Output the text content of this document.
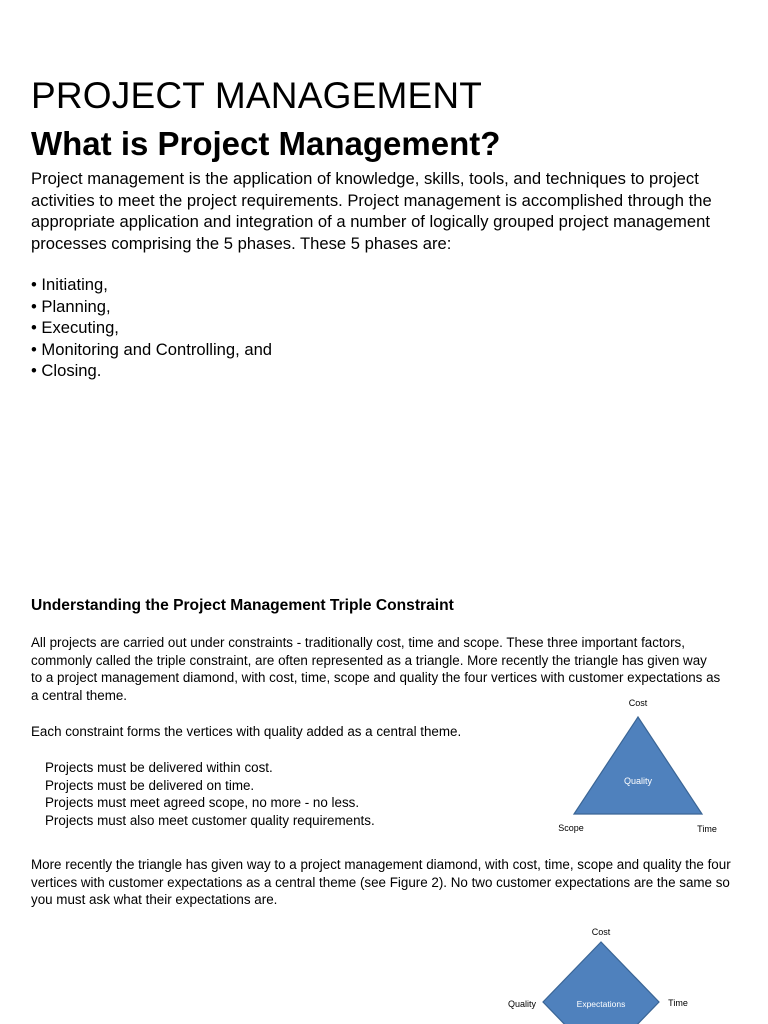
PROJECT MANAGEMENT
What is Project Management?

Project management is the application of knowledge, skills, tools, and techniques to project activities to meet the project requirements. Project management is accomplished through the appropriate application and integration of a number of logically grouped project management processes comprising the 5 phases. These 5 phases are:

• Initiating,
• Planning,
• Executing,
• Monitoring and Controlling, and
• Closing.
Understanding the Project Management Triple Constraint

All projects are carried out under constraints - traditionally cost, time and scope. These three important factors, commonly called the triple constraint, are often represented as a triangle. More recently the triangle has given way to a project management diamond, with cost, time, scope and quality the four vertices with customer expectations as a central theme.

Each constraint forms the vertices with quality added as a central theme.

Projects must be delivered within cost.
Projects must be delivered on time.
Projects must meet agreed scope, no more - no less.
Projects must also meet customer quality requirements.

More recently the triangle has given way to a project management diamond, with cost, time, scope and quality the four vertices with customer expectations as a central theme (see Figure 2). No two customer expectations are the same so you must ask what their expectations are.

Cost
Scope	Time
Quality
Cost
Quality	Time
Expectations
